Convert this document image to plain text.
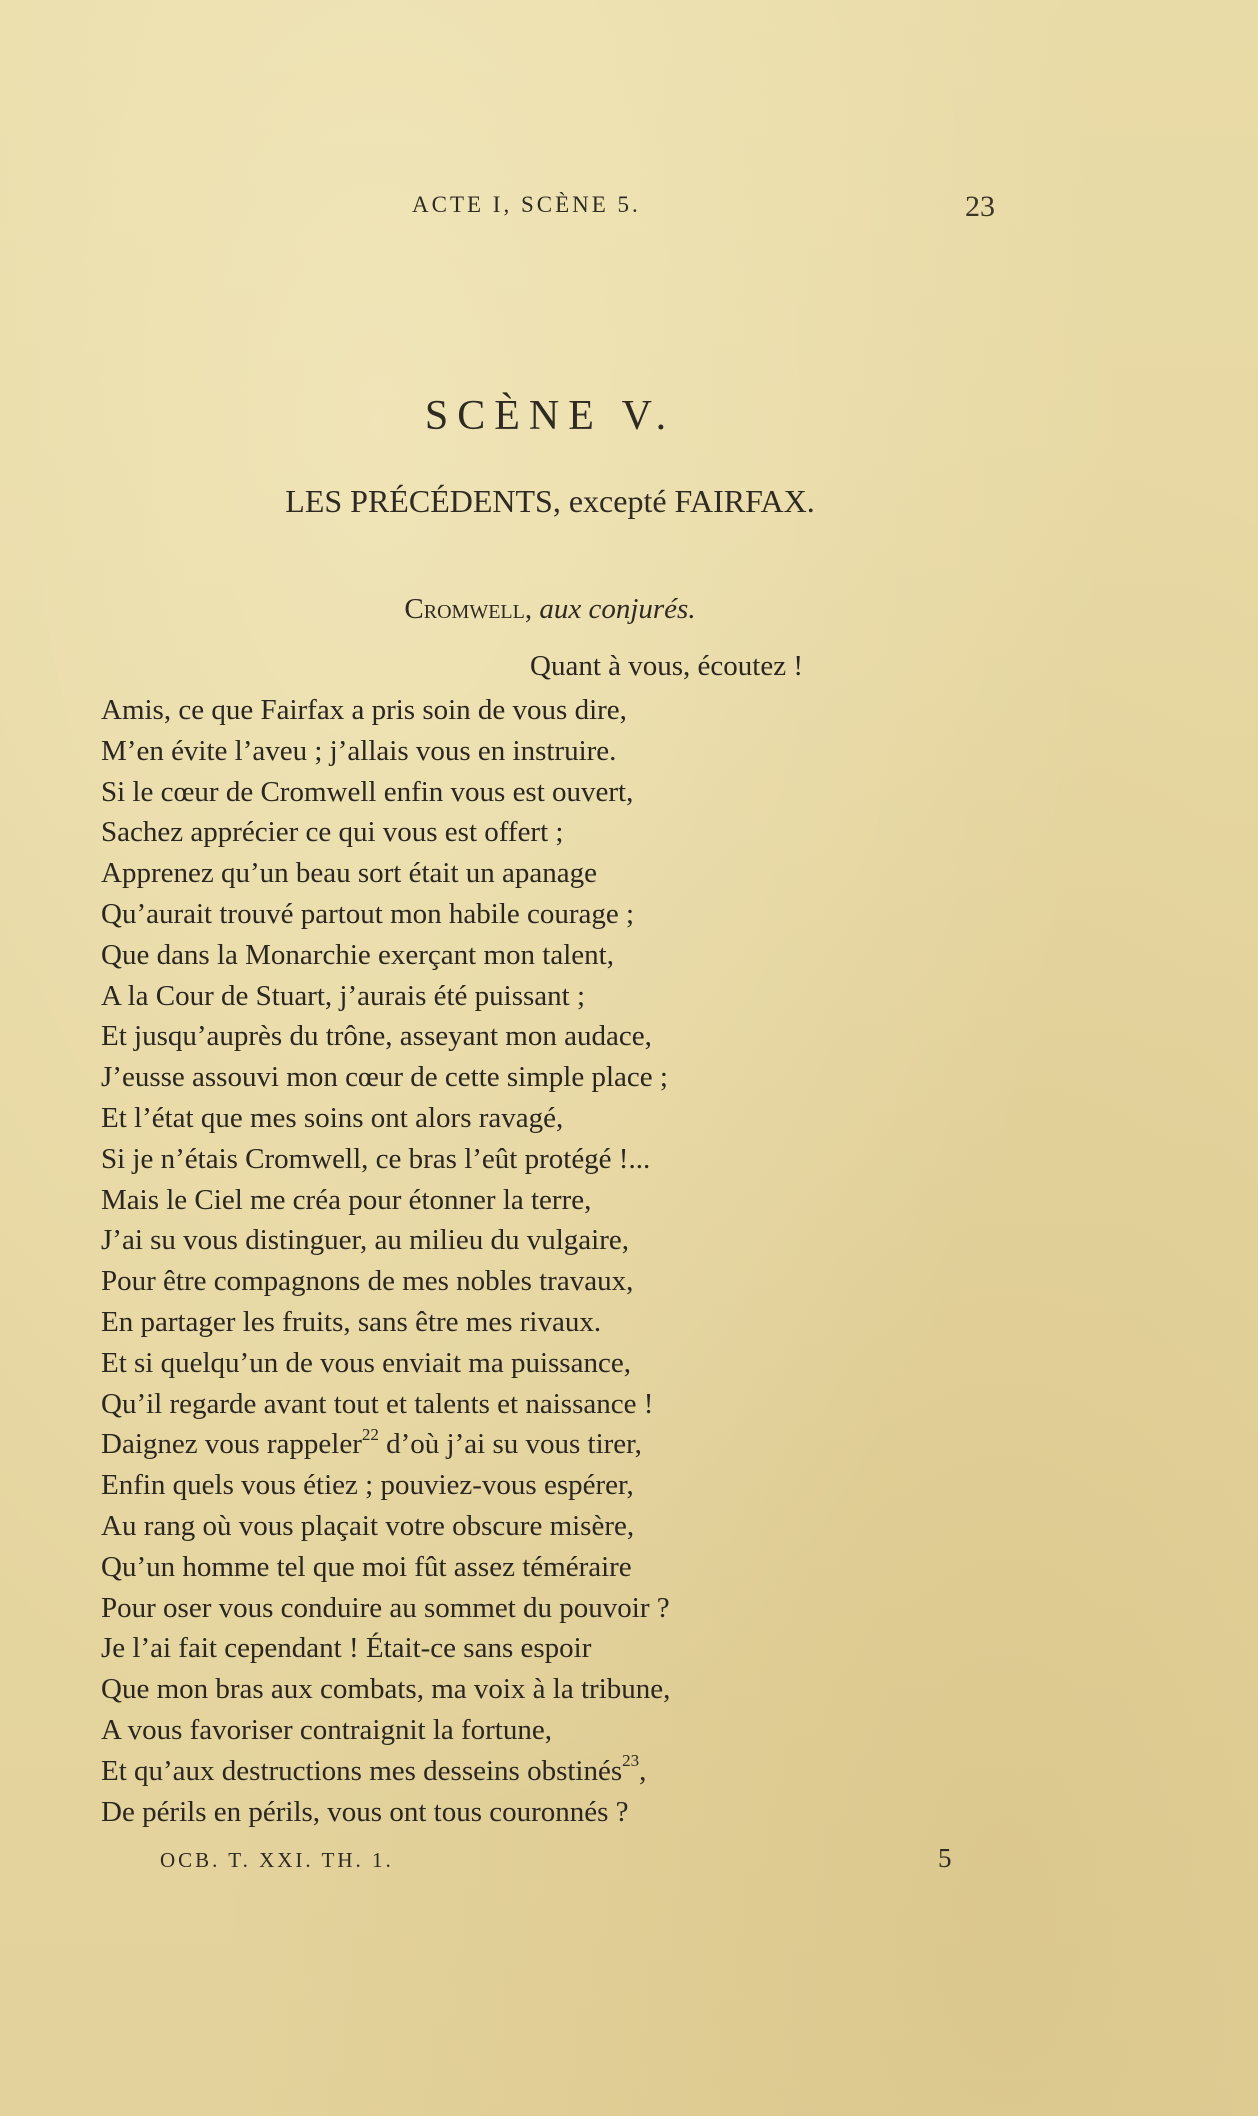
ACTE I, SCÈNE 5.	23
SCÈNE V.
LES PRÉCÉDENTS, excepté FAIRFAX.
Cromwell, aux conjurés.
Quant à vous, écoutez !
Amis, ce que Fairfax a pris soin de vous dire,
M’en évite l’aveu ; j’allais vous en instruire.
Si le cœur de Cromwell enfin vous est ouvert,
Sachez apprécier ce qui vous est offert ;
Apprenez qu’un beau sort était un apanage
Qu’aurait trouvé partout mon habile courage ;
Que dans la Monarchie exerçant mon talent,
A la Cour de Stuart, j’aurais été puissant ;
Et jusqu’auprès du trône, asseyant mon audace,
J’eusse assouvi mon cœur de cette simple place ;
Et l’état que mes soins ont alors ravagé,
Si je n’étais Cromwell, ce bras l’eût protégé !...
Mais le Ciel me créa pour étonner la terre,
J’ai su vous distinguer, au milieu du vulgaire,
Pour être compagnons de mes nobles travaux,
En partager les fruits, sans être mes rivaux.
Et si quelqu’un de vous enviait ma puissance,
Qu’il regarde avant tout et talents et naissance !
Daignez vous rappeler$^{22}$ d’où j’ai su vous tirer,
Enfin quels vous étiez ; pouviez-vous espérer,
Au rang où vous plaçait votre obscure misère,
Qu’un homme tel que moi fût assez téméraire
Pour oser vous conduire au sommet du pouvoir ?
Je l’ai fait cependant ! Était-ce sans espoir
Que mon bras aux combats, ma voix à la tribune,
A vous favoriser contraignit la fortune,
Et qu’aux destructions mes desseins obstinés$^{23}$,
De périls en périls, vous ont tous couronnés ?
OCB. T. XXI. TH. 1.	5
